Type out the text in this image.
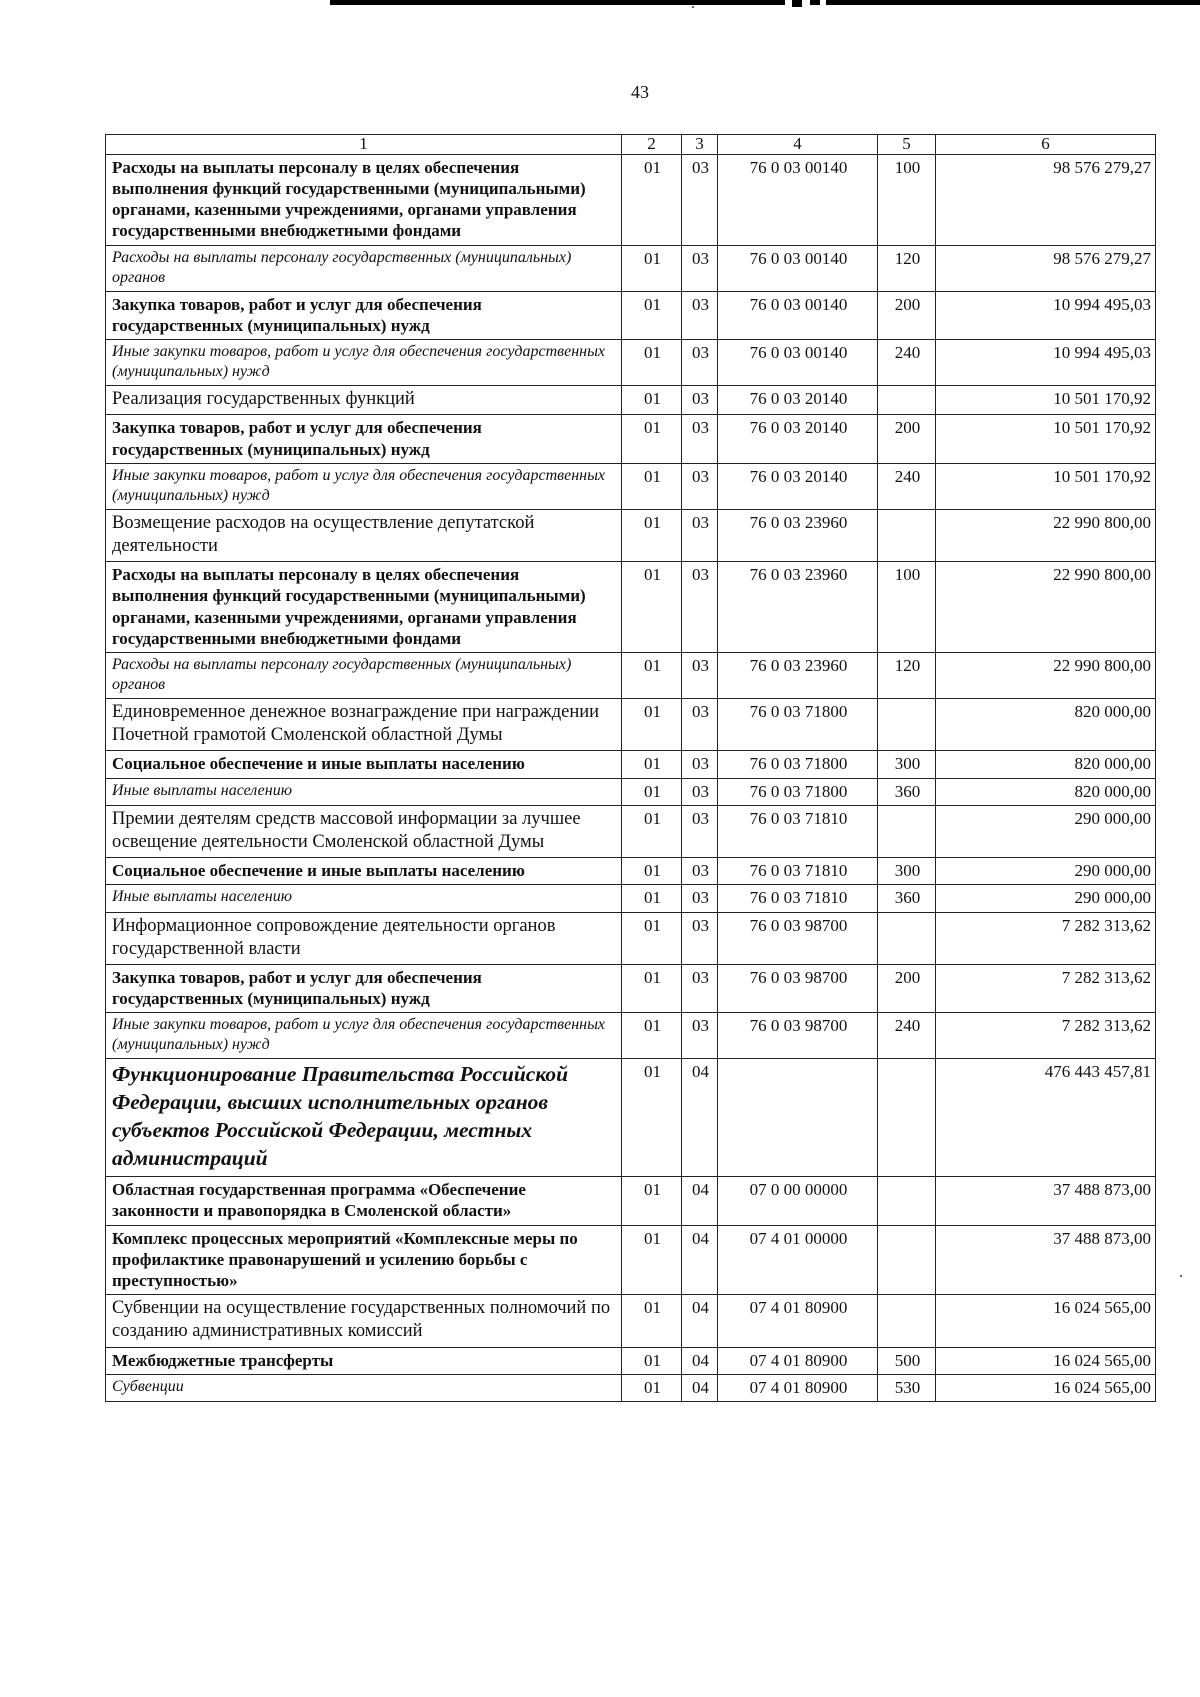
43
1	2	3	4	5	6
Расходы на выплаты персоналу в целях обеспечения выполнения функций государственными (муниципальными) органами, казенными учреждениями, органами управления государственными внебюджетными фондами	01	03	76 0 03 00140	100	98 576 279,27
Расходы на выплаты персоналу государственных (муниципальных) органов	01	03	76 0 03 00140	120	98 576 279,27
Закупка товаров, работ и услуг для обеспечения государственных (муниципальных) нужд	01	03	76 0 03 00140	200	10 994 495,03
Иные закупки товаров, работ и услуг для обеспечения государственных (муниципальных) нужд	01	03	76 0 03 00140	240	10 994 495,03
Реализация государственных функций	01	03	76 0 03 20140		10 501 170,92
Закупка товаров, работ и услуг для обеспечения государственных (муниципальных) нужд	01	03	76 0 03 20140	200	10 501 170,92
Иные закупки товаров, работ и услуг для обеспечения государственных (муниципальных) нужд	01	03	76 0 03 20140	240	10 501 170,92
Возмещение расходов на осуществление депутатской деятельности	01	03	76 0 03 23960		22 990 800,00
Расходы на выплаты персоналу в целях обеспечения выполнения функций государственными (муниципальными) органами, казенными учреждениями, органами управления государственными внебюджетными фондами	01	03	76 0 03 23960	100	22 990 800,00
Расходы на выплаты персоналу государственных (муниципальных) органов	01	03	76 0 03 23960	120	22 990 800,00
Единовременное денежное вознаграждение при награждении Почетной грамотой Смоленской областной Думы	01	03	76 0 03 71800		820 000,00
Социальное обеспечение и иные выплаты населению	01	03	76 0 03 71800	300	820 000,00
Иные выплаты населению	01	03	76 0 03 71800	360	820 000,00
Премии деятелям средств массовой информации за лучшее освещение деятельности Смоленской областной Думы	01	03	76 0 03 71810		290 000,00
Социальное обеспечение и иные выплаты населению	01	03	76 0 03 71810	300	290 000,00
Иные выплаты населению	01	03	76 0 03 71810	360	290 000,00
Информационное сопровождение деятельности органов государственной власти	01	03	76 0 03 98700		7 282 313,62
Закупка товаров, работ и услуг для обеспечения государственных (муниципальных) нужд	01	03	76 0 03 98700	200	7 282 313,62
Иные закупки товаров, работ и услуг для обеспечения государственных (муниципальных) нужд	01	03	76 0 03 98700	240	7 282 313,62
Функционирование Правительства Российской Федерации, высших исполнительных органов субъектов Российской Федерации, местных администраций	01	04			476 443 457,81
Областная государственная программа «Обеспечение законности и правопорядка в Смоленской области»	01	04	07 0 00 00000		37 488 873,00
Комплекс процессных мероприятий «Комплексные меры по профилактике правонарушений и усилению борьбы с преступностью»	01	04	07 4 01 00000		37 488 873,00
Субвенции на осуществление государственных полномочий по созданию административных комиссий	01	04	07 4 01 80900		16 024 565,00
Межбюджетные трансферты	01	04	07 4 01 80900	500	16 024 565,00
Субвенции	01	04	07 4 01 80900	530	16 024 565,00
